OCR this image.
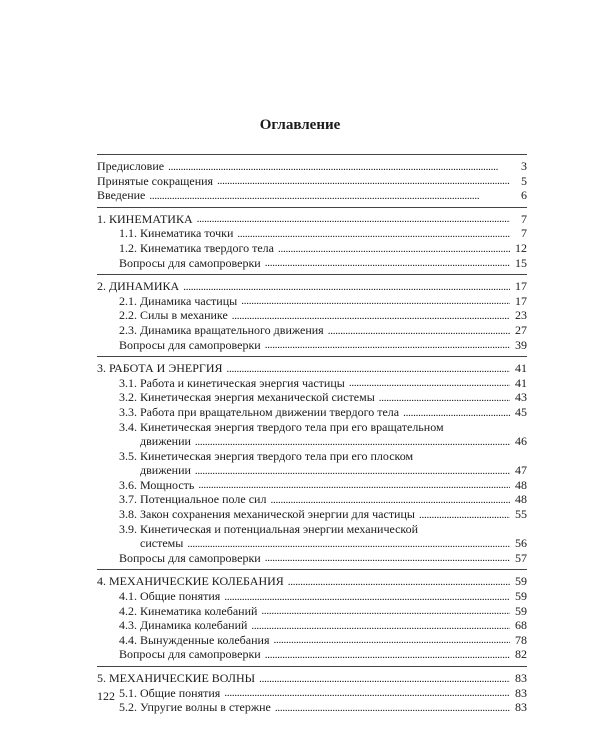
Оглавление
Предисловие . . .	3
Принятые сокращения . . .	5
Введение . . .	6
1. КИНЕМАТИКА . . .	7
1.1. Кинематика точки . . .	7
1.2. Кинематика твердого тела . . .	12
Вопросы для самопроверки . . .	15
2. ДИНАМИКА . . .	17
2.1. Динамика частицы . . .	17
2.2. Силы в механике . . .	23
2.3. Динамика вращательного движения . . .	27
Вопросы для самопроверки . . .	39
3. РАБОТА И ЭНЕРГИЯ . . .	41
3.1. Работа и кинетическая энергия частицы . . .	41
3.2. Кинетическая энергия механической системы . . .	43
3.3. Работа при вращательном движении твердого тела . . .	45
3.4. Кинетическая энергия твердого тела при его вращательном
движении . . .	46
3.5. Кинетическая энергия твердого тела при его плоском
движении . . .	47
3.6. Мощность . . .	48
3.7. Потенциальное поле сил . . .	48
3.8. Закон сохранения механической энергии для частицы . . .	55
3.9. Кинетическая и потенциальная энергии механической
системы . . .	56
Вопросы для самопроверки . . .	57
4. МЕХАНИЧЕСКИЕ КОЛЕБАНИЯ . . .	59
4.1. Общие понятия . . .	59
4.2. Кинематика колебаний . . .	59
4.3. Динамика колебаний . . .	68
4.4. Вынужденные колебания . . .	78
Вопросы для самопроверки . . .	82
5. МЕХАНИЧЕСКИЕ ВОЛНЫ . . .	83
5.1. Общие понятия . . .	83
5.2. Упругие волны в стержне . . .	83
122
